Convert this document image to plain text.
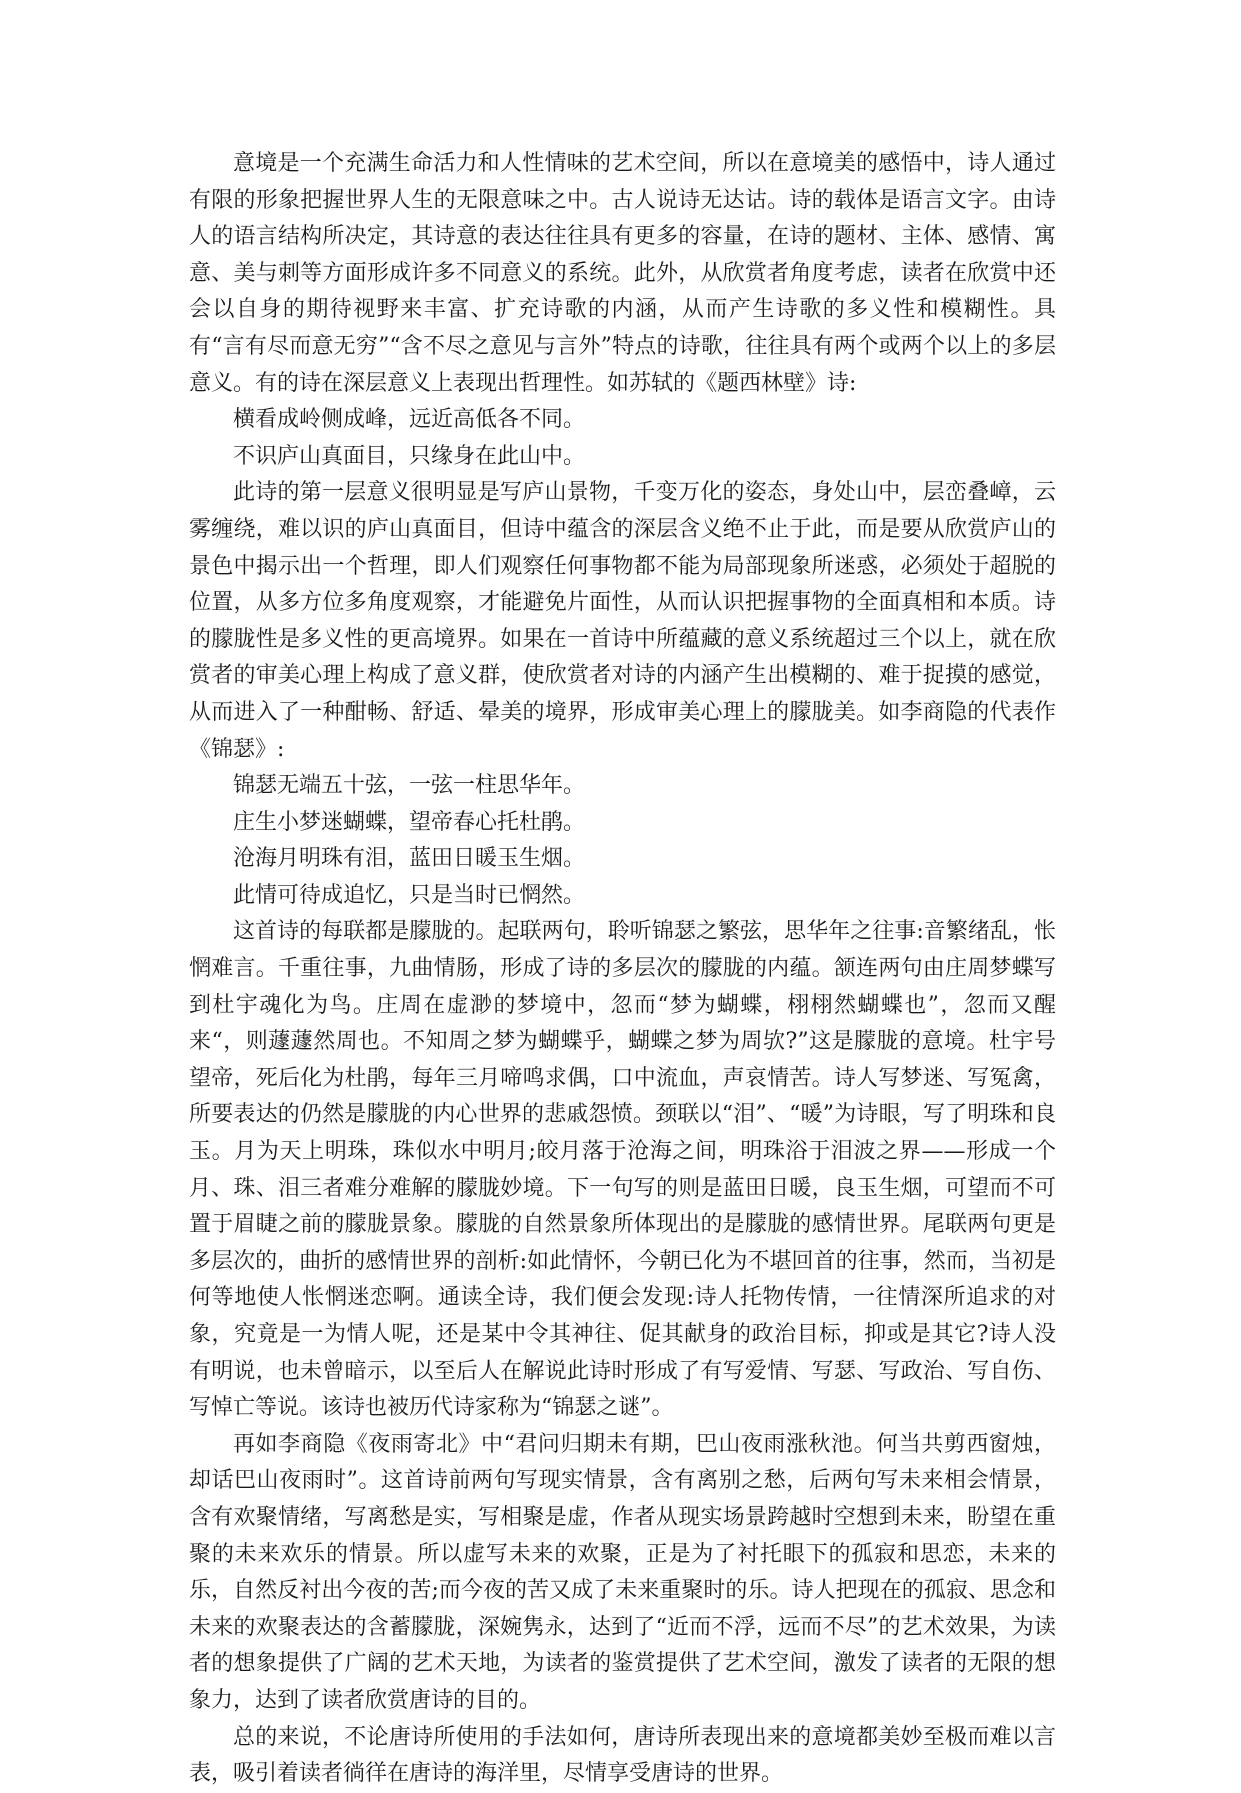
意境是一个充满生命活力和人性情味的艺术空间，所以在意境美的感悟中，诗人通过有限的形象把握世界人生的无限意味之中。古人说诗无达诂。诗的载体是语言文字。由诗人的语言结构所决定，其诗意的表达往往具有更多的容量，在诗的题材、主体、感情、寓意、美与刺等方面形成许多不同意义的系统。此外，从欣赏者角度考虑，读者在欣赏中还会以自身的期待视野来丰富、扩充诗歌的内涵，从而产生诗歌的多义性和模糊性。具有“言有尽而意无穷”“含不尽之意见与言外”特点的诗歌，往往具有两个或两个以上的多层意义。有的诗在深层意义上表现出哲理性。如苏轼的《题西林壁》诗:

横看成岭侧成峰，远近高低各不同。

不识庐山真面目，只缘身在此山中。

此诗的第一层意义很明显是写庐山景物，千变万化的姿态，身处山中，层峦叠嶂，云雾缠绕，难以识的庐山真面目，但诗中蕴含的深层含义绝不止于此，而是要从欣赏庐山的景色中揭示出一个哲理，即人们观察任何事物都不能为局部现象所迷惑，必须处于超脱的位置，从多方位多角度观察，才能避免片面性，从而认识把握事物的全面真相和本质。诗的朦胧性是多义性的更高境界。如果在一首诗中所蕴藏的意义系统超过三个以上，就在欣赏者的审美心理上构成了意义群，使欣赏者对诗的内涵产生出模糊的、难于捉摸的感觉，从而进入了一种酣畅、舒适、晕美的境界，形成审美心理上的朦胧美。如李商隐的代表作《锦瑟》:

锦瑟无端五十弦，一弦一柱思华年。

庄生小梦迷蝴蝶，望帝春心托杜鹃。

沧海月明珠有泪，蓝田日暖玉生烟。

此情可待成追忆，只是当时已惘然。

这首诗的每联都是朦胧的。起联两句，聆听锦瑟之繁弦，思华年之往事:音繁绪乱，怅惘难言。千重往事，九曲情肠，形成了诗的多层次的朦胧的内蕴。颔连两句由庄周梦蝶写到杜宇魂化为鸟。庄周在虚渺的梦境中，忽而“梦为蝴蝶，栩栩然蝴蝶也”，忽而又醒来“，则蘧蘧然周也。不知周之梦为蝴蝶乎，蝴蝶之梦为周欤?”这是朦胧的意境。杜宇号望帝，死后化为杜鹃，每年三月啼鸣求偶，口中流血，声哀情苦。诗人写梦迷、写冤禽，所要表达的仍然是朦胧的内心世界的悲戚怨愤。颈联以“泪”、“暖”为诗眼，写了明珠和良玉。月为天上明珠，珠似水中明月;皎月落于沧海之间，明珠浴于泪波之界——形成一个月、珠、泪三者难分难解的朦胧妙境。下一句写的则是蓝田日暖，良玉生烟，可望而不可置于眉睫之前的朦胧景象。朦胧的自然景象所体现出的是朦胧的感情世界。尾联两句更是多层次的，曲折的感情世界的剖析:如此情怀，今朝已化为不堪回首的往事，然而，当初是何等地使人怅惘迷恋啊。通读全诗，我们便会发现:诗人托物传情，一往情深所追求的对象，究竟是一为情人呢，还是某中令其神往、促其献身的政治目标，抑或是其它?诗人没有明说，也未曾暗示，以至后人在解说此诗时形成了有写爱情、写瑟、写政治、写自伤、写悼亡等说。该诗也被历代诗家称为“锦瑟之谜”。

再如李商隐《夜雨寄北》中“君问归期未有期，巴山夜雨涨秋池。何当共剪西窗烛，却话巴山夜雨时”。这首诗前两句写现实情景，含有离别之愁，后两句写未来相会情景，含有欢聚情绪，写离愁是实，写相聚是虚，作者从现实场景跨越时空想到未来，盼望在重聚的未来欢乐的情景。所以虚写未来的欢聚，正是为了衬托眼下的孤寂和思恋，未来的乐，自然反衬出今夜的苦;而今夜的苦又成了未来重聚时的乐。诗人把现在的孤寂、思念和未来的欢聚表达的含蓄朦胧，深婉隽永，达到了“近而不浮，远而不尽”的艺术效果，为读者的想象提供了广阔的艺术天地，为读者的鉴赏提供了艺术空间，激发了读者的无限的想象力，达到了读者欣赏唐诗的目的。

总的来说，不论唐诗所使用的手法如何，唐诗所表现出来的意境都美妙至极而难以言表，吸引着读者徜徉在唐诗的海洋里，尽情享受唐诗的世界。
